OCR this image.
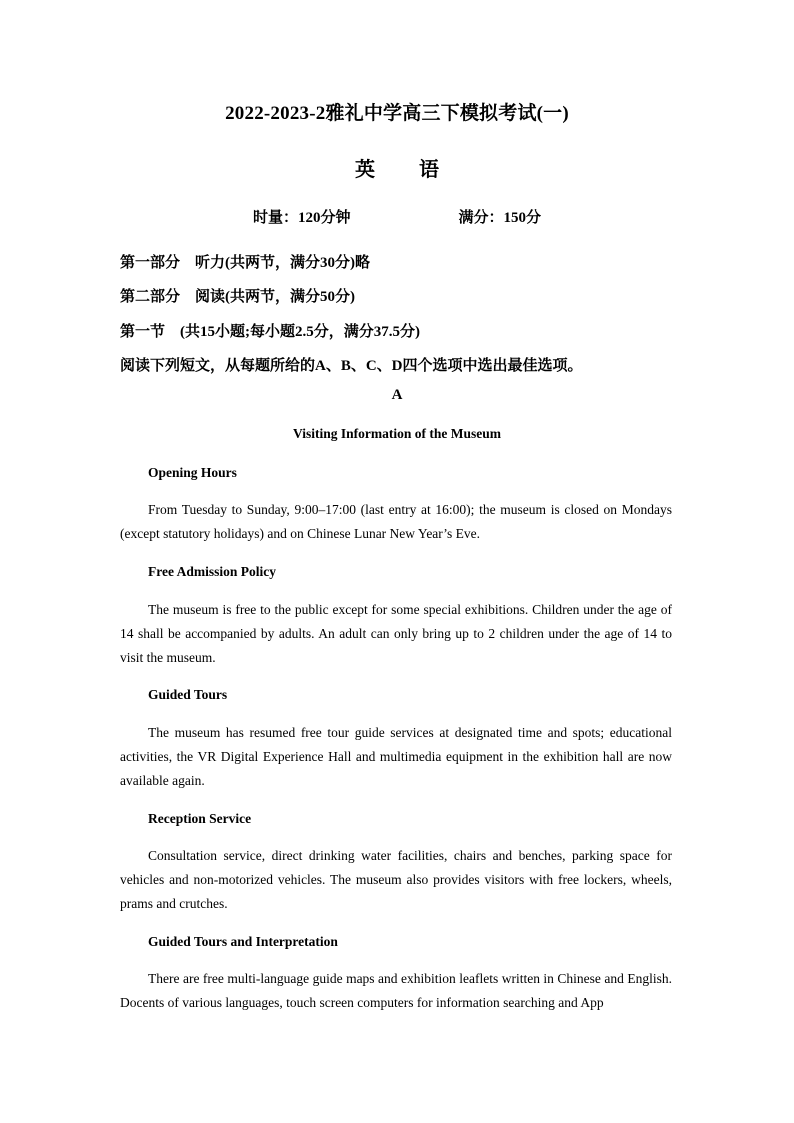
2022-2023-2雅礼中学高三下模拟考试(一)
英 语
时量：120分钟	满分：150分
第一部分　听力(共两节，满分30分)略
第二部分　阅读(共两节，满分50分)
第一节　(共15小题;每小题2.5分，满分37.5分)
阅读下列短文，从每题所给的A、B、C、D四个选项中选出最佳选项。
A
Visiting Information of the Museum
Opening Hours

From Tuesday to Sunday, 9:00–17:00 (last entry at 16:00); the museum is closed on Mondays (except statutory holidays) and on Chinese Lunar New Year’s Eve.

Free Admission Policy

The museum is free to the public except for some special exhibitions. Children under the age of 14 shall be accompanied by adults. An adult can only bring up to 2 children under the age of 14 to visit the museum.

Guided Tours

The museum has resumed free tour guide services at designated time and spots; educational activities, the VR Digital Experience Hall and multimedia equipment in the exhibition hall are now available again.

Reception Service

Consultation service, direct drinking water facilities, chairs and benches, parking space for vehicles and non-motorized vehicles. The museum also provides visitors with free lockers, wheels, prams and crutches.

Guided Tours and Interpretation

There are free multi-language guide maps and exhibition leaflets written in Chinese and English. Docents of various languages, touch screen computers for information searching and App
